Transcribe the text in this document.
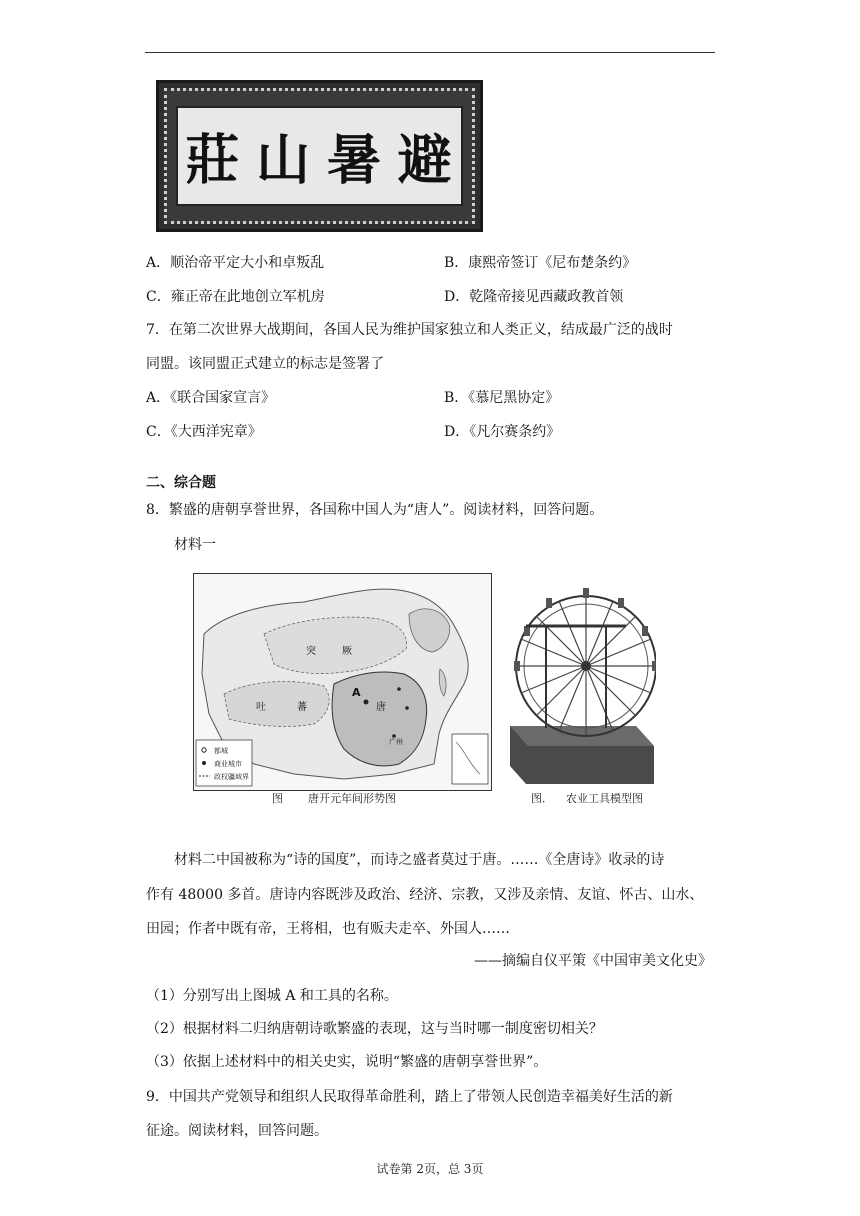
莊 山 暑 避
A．顺治帝平定大小和卓叛乱	B．康熙帝签订《尼布楚条约》
C．雍正帝在此地创立军机房	D．乾隆帝接见西藏政教首领
7．在第二次世界大战期间，各国人民为维护国家独立和人类正义，结成最广泛的战时
同盟。该同盟正式建立的标志是签署了
A．《联合国家宣言》	B．《慕尼黑协定》
C．《大西洋宪章》	D．《凡尔赛条约》
二、综合题
8．繁盛的唐朝享誉世界，各国称中国人为“唐人”。阅读材料，回答问题。
材料一
都城
商业城市
政权疆域界
突	厥
吐	蕃
A
唐
广州
图 唐开元年间形势图	图． 农业工具模型图
材料二中国被称为“诗的国度”，而诗之盛者莫过于唐。……《全唐诗》收录的诗
作有 48000 多首。唐诗内容既涉及政治、经济、宗教，又涉及亲情、友谊、怀古、山水、
田园；作者中既有帝，王将相，也有贩夫走卒、外国人……
——摘编自仪平策《中国审美文化史》
（1）分别写出上图城 A 和工具的名称。
（2）根据材料二归纳唐朝诗歌繁盛的表现，这与当时哪一制度密切相关？
（3）依据上述材料中的相关史实，说明“繁盛的唐朝享誉世界”。
9．中国共产党领导和组织人民取得革命胜利，踏上了带领人民创造幸福美好生活的新
征途。阅读材料，回答问题。
试卷第 2页，总 3页
